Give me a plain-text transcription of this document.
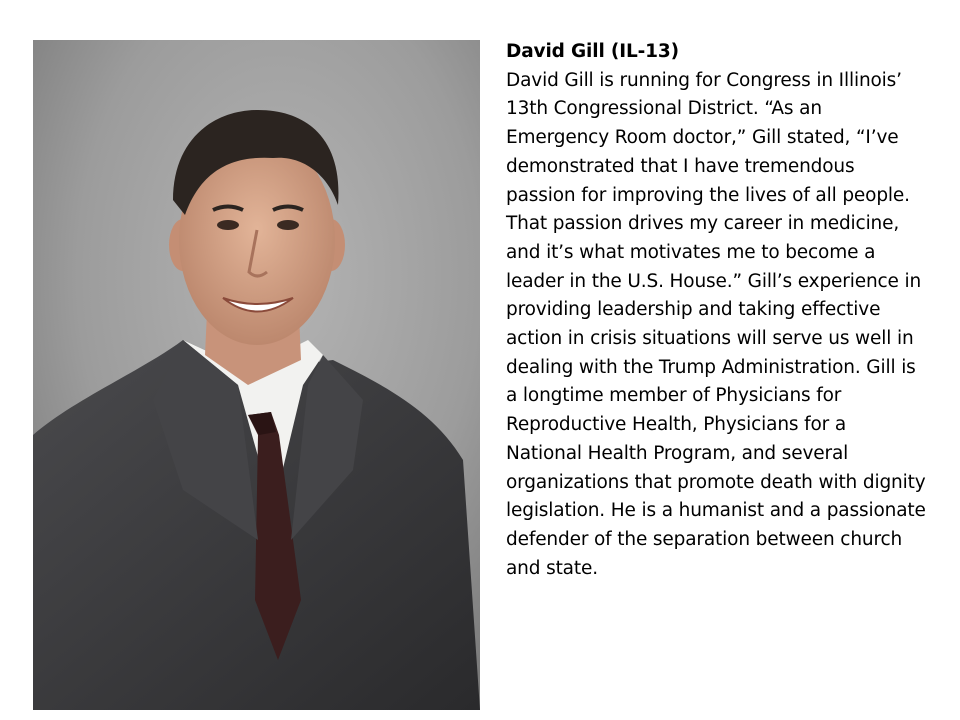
David Gill (IL-13)
David Gill is running for Congress in Illinois’ 13th Congressional District. “As an Emergency Room doctor,” Gill stated, “I’ve demonstrated that I have tremendous passion for improving the lives of all people. That passion drives my career in medicine, and it’s what motivates me to become a leader in the U.S. House.” Gill’s experience in providing leadership and taking effective action in crisis situations will serve us well in dealing with the Trump Administration. Gill is a longtime member of Physicians for Reproductive Health, Physicians for a National Health Program, and several organizations that promote death with dignity legislation. He is a humanist and a passionate defender of the separation between church and state.
